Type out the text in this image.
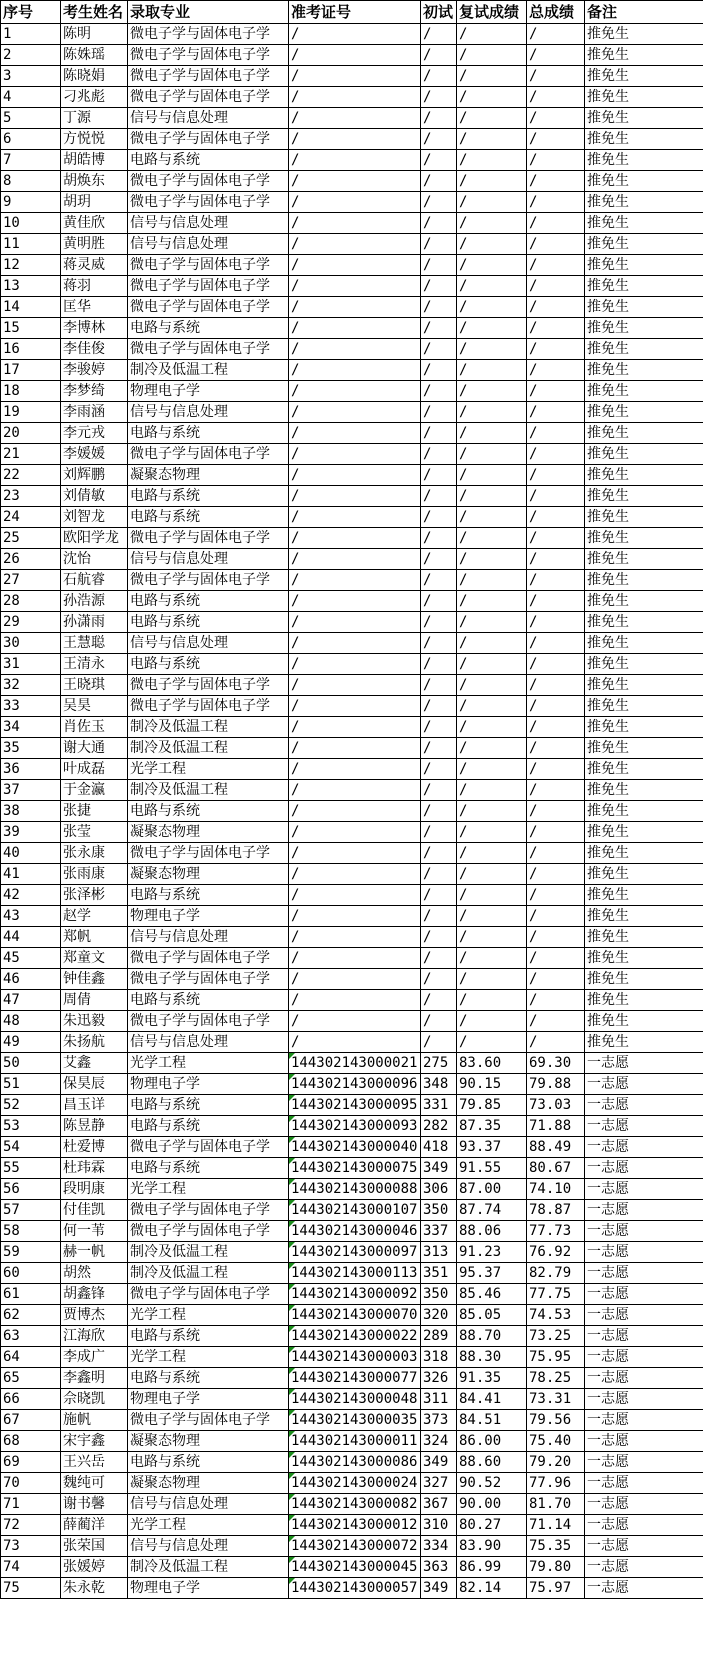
序号	考生姓名	录取专业	准考证号	初试	复试成绩	总成绩	备注
1	陈明	微电子学与固体电子学	/	/	/	/	推免生
2	陈姝瑶	微电子学与固体电子学	/	/	/	/	推免生
3	陈晓娟	微电子学与固体电子学	/	/	/	/	推免生
4	刁兆彪	微电子学与固体电子学	/	/	/	/	推免生
5	丁源	信号与信息处理	/	/	/	/	推免生
6	方悦悦	微电子学与固体电子学	/	/	/	/	推免生
7	胡皓博	电路与系统	/	/	/	/	推免生
8	胡焕东	微电子学与固体电子学	/	/	/	/	推免生
9	胡玥	微电子学与固体电子学	/	/	/	/	推免生
10	黄佳欣	信号与信息处理	/	/	/	/	推免生
11	黄明胜	信号与信息处理	/	/	/	/	推免生
12	蒋灵威	微电子学与固体电子学	/	/	/	/	推免生
13	蒋羽	微电子学与固体电子学	/	/	/	/	推免生
14	匡华	微电子学与固体电子学	/	/	/	/	推免生
15	李博林	电路与系统	/	/	/	/	推免生
16	李佳俊	微电子学与固体电子学	/	/	/	/	推免生
17	李骏婷	制冷及低温工程	/	/	/	/	推免生
18	李梦绮	物理电子学	/	/	/	/	推免生
19	李雨涵	信号与信息处理	/	/	/	/	推免生
20	李元戎	电路与系统	/	/	/	/	推免生
21	李媛媛	微电子学与固体电子学	/	/	/	/	推免生
22	刘辉鹏	凝聚态物理	/	/	/	/	推免生
23	刘倩敏	电路与系统	/	/	/	/	推免生
24	刘智龙	电路与系统	/	/	/	/	推免生
25	欧阳学龙	微电子学与固体电子学	/	/	/	/	推免生
26	沈怡	信号与信息处理	/	/	/	/	推免生
27	石航睿	微电子学与固体电子学	/	/	/	/	推免生
28	孙浩源	电路与系统	/	/	/	/	推免生
29	孙潇雨	电路与系统	/	/	/	/	推免生
30	王慧聪	信号与信息处理	/	/	/	/	推免生
31	王清永	电路与系统	/	/	/	/	推免生
32	王晓琪	微电子学与固体电子学	/	/	/	/	推免生
33	吴昊	微电子学与固体电子学	/	/	/	/	推免生
34	肖佐玉	制冷及低温工程	/	/	/	/	推免生
35	谢大通	制冷及低温工程	/	/	/	/	推免生
36	叶成磊	光学工程	/	/	/	/	推免生
37	于金瀛	制冷及低温工程	/	/	/	/	推免生
38	张捷	电路与系统	/	/	/	/	推免生
39	张莹	凝聚态物理	/	/	/	/	推免生
40	张永康	微电子学与固体电子学	/	/	/	/	推免生
41	张雨康	凝聚态物理	/	/	/	/	推免生
42	张泽彬	电路与系统	/	/	/	/	推免生
43	赵学	物理电子学	/	/	/	/	推免生
44	郑帆	信号与信息处理	/	/	/	/	推免生
45	郑童文	微电子学与固体电子学	/	/	/	/	推免生
46	钟佳鑫	微电子学与固体电子学	/	/	/	/	推免生
47	周倩	电路与系统	/	/	/	/	推免生
48	朱迅毅	微电子学与固体电子学	/	/	/	/	推免生
49	朱扬航	信号与信息处理	/	/	/	/	推免生
50	艾鑫	光学工程	144302143000021	275	83.60	69.30	一志愿
51	保昊辰	物理电子学	144302143000096	348	90.15	79.88	一志愿
52	昌玉详	电路与系统	144302143000095	331	79.85	73.03	一志愿
53	陈昱静	电路与系统	144302143000093	282	87.35	71.88	一志愿
54	杜爱博	微电子学与固体电子学	144302143000040	418	93.37	88.49	一志愿
55	杜玮霖	电路与系统	144302143000075	349	91.55	80.67	一志愿
56	段明康	光学工程	144302143000088	306	87.00	74.10	一志愿
57	付佳凯	微电子学与固体电子学	144302143000107	350	87.74	78.87	一志愿
58	何一苇	微电子学与固体电子学	144302143000046	337	88.06	77.73	一志愿
59	赫一帆	制冷及低温工程	144302143000097	313	91.23	76.92	一志愿
60	胡然	制冷及低温工程	144302143000113	351	95.37	82.79	一志愿
61	胡鑫锋	微电子学与固体电子学	144302143000092	350	85.46	77.75	一志愿
62	贾博杰	光学工程	144302143000070	320	85.05	74.53	一志愿
63	江海欣	电路与系统	144302143000022	289	88.70	73.25	一志愿
64	李成广	光学工程	144302143000003	318	88.30	75.95	一志愿
65	李鑫明	电路与系统	144302143000077	326	91.35	78.25	一志愿
66	佘晓凯	物理电子学	144302143000048	311	84.41	73.31	一志愿
67	施帆	微电子学与固体电子学	144302143000035	373	84.51	79.56	一志愿
68	宋宇鑫	凝聚态物理	144302143000011	324	86.00	75.40	一志愿
69	王兴岳	电路与系统	144302143000086	349	88.60	79.20	一志愿
70	魏纯可	凝聚态物理	144302143000024	327	90.52	77.96	一志愿
71	谢书馨	信号与信息处理	144302143000082	367	90.00	81.70	一志愿
72	薛蔺洋	光学工程	144302143000012	310	80.27	71.14	一志愿
73	张荣国	信号与信息处理	144302143000072	334	83.90	75.35	一志愿
74	张媛婷	制冷及低温工程	144302143000045	363	86.99	79.80	一志愿
75	朱永乾	物理电子学	144302143000057	349	82.14	75.97	一志愿
